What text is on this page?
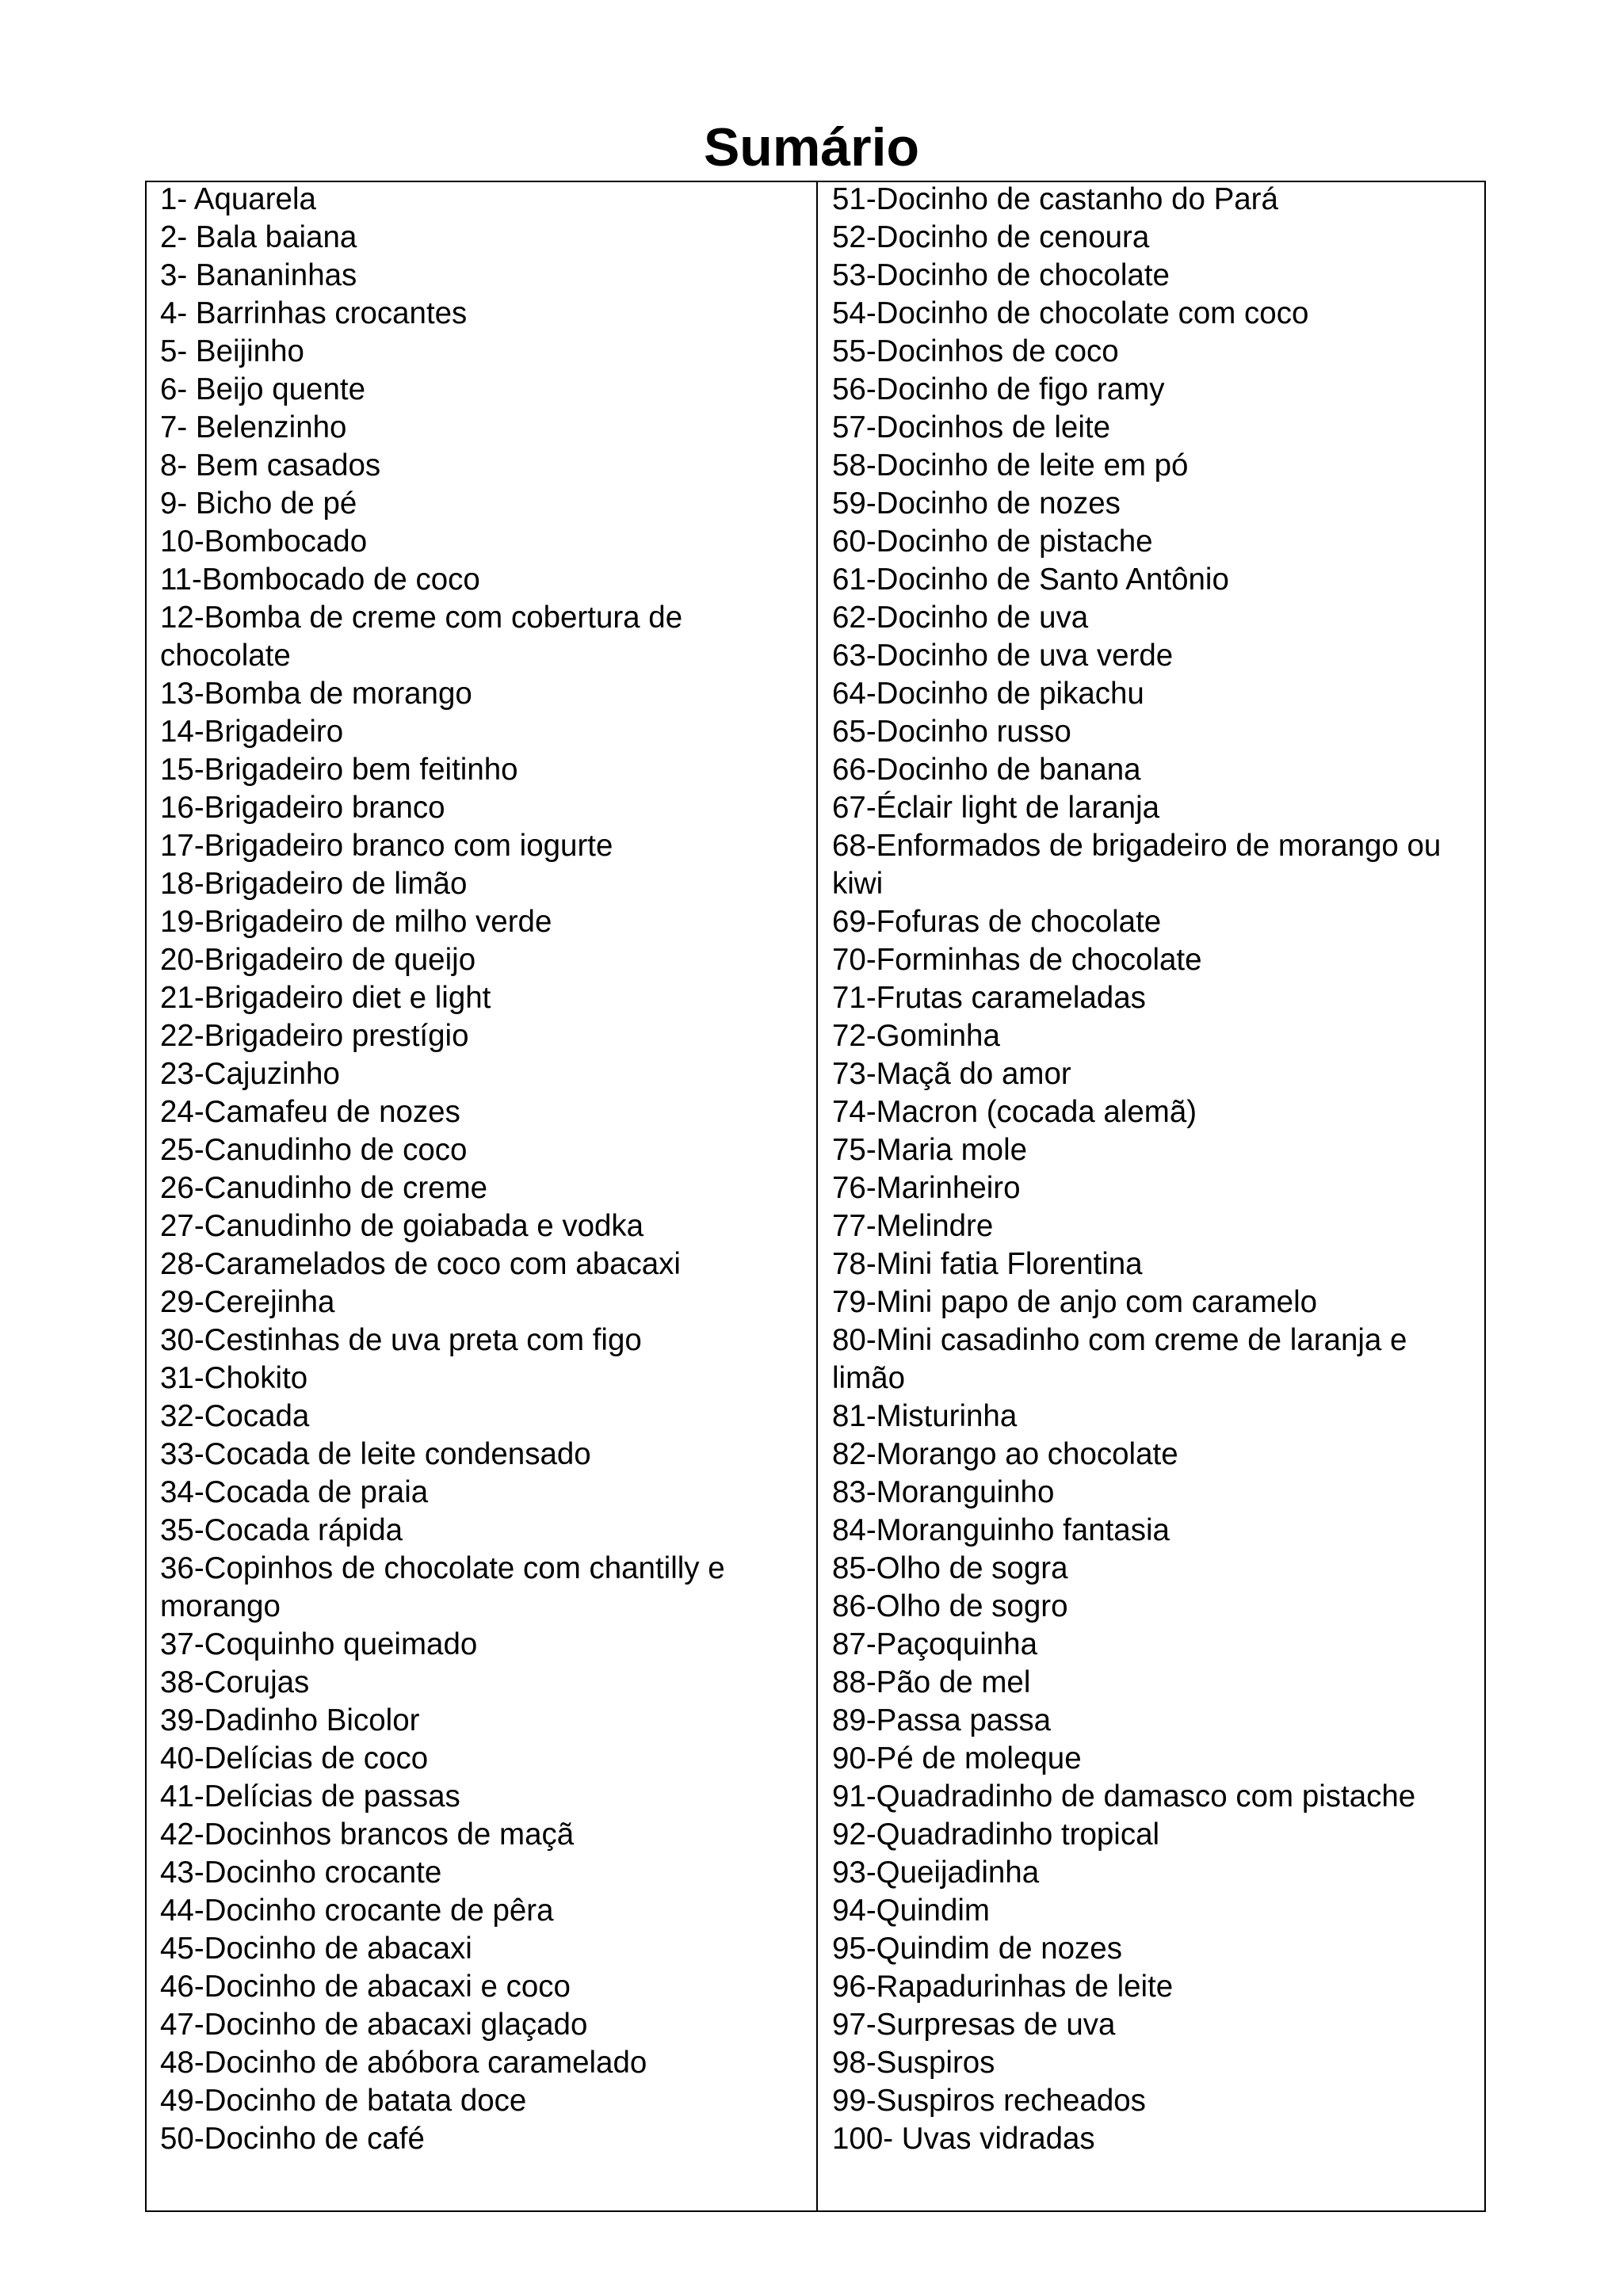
Sumário
1- Aquarela
2- Bala baiana
3- Bananinhas
4- Barrinhas crocantes
5- Beijinho
6- Beijo quente
7- Belenzinho
8- Bem casados
9- Bicho de pé
10-Bombocado
11-Bombocado de coco
12-Bomba de creme com cobertura de chocolate
13-Bomba de morango
14-Brigadeiro
15-Brigadeiro bem feitinho
16-Brigadeiro branco
17-Brigadeiro branco com iogurte
18-Brigadeiro de limão
19-Brigadeiro de milho verde
20-Brigadeiro de queijo
21-Brigadeiro diet e light
22-Brigadeiro prestígio
23-Cajuzinho
24-Camafeu de nozes
25-Canudinho de coco
26-Canudinho de creme
27-Canudinho de goiabada e vodka
28-Caramelados de coco com abacaxi
29-Cerejinha
30-Cestinhas de uva preta com figo
31-Chokito
32-Cocada
33-Cocada de leite condensado
34-Cocada de praia
35-Cocada rápida
36-Copinhos de chocolate com chantilly e morango
37-Coquinho queimado
38-Corujas
39-Dadinho Bicolor
40-Delícias de coco
41-Delícias de passas
42-Docinhos brancos de maçã
43-Docinho crocante
44-Docinho crocante de pêra
45-Docinho de abacaxi
46-Docinho de abacaxi e coco
47-Docinho de abacaxi glaçado
48-Docinho de abóbora caramelado
49-Docinho de batata doce
50-Docinho de café
51-Docinho de castanho do Pará
52-Docinho de cenoura
53-Docinho de chocolate
54-Docinho de chocolate com coco
55-Docinhos de coco
56-Docinho de figo ramy
57-Docinhos de leite
58-Docinho de leite em pó
59-Docinho de nozes
60-Docinho de pistache
61-Docinho de Santo Antônio
62-Docinho de uva
63-Docinho de uva verde
64-Docinho de pikachu
65-Docinho russo
66-Docinho de banana
67-Éclair light de laranja
68-Enformados de brigadeiro de morango ou kiwi
69-Fofuras de chocolate
70-Forminhas de chocolate
71-Frutas carameladas
72-Gominha
73-Maçã do amor
74-Macron (cocada alemã)
75-Maria mole
76-Marinheiro
77-Melindre
78-Mini fatia Florentina
79-Mini papo de anjo com caramelo
80-Mini casadinho com creme de laranja e limão
81-Misturinha
82-Morango ao chocolate
83-Moranguinho
84-Moranguinho fantasia
85-Olho de sogra
86-Olho de sogro
87-Paçoquinha
88-Pão de mel
89-Passa passa
90-Pé de moleque
91-Quadradinho de damasco com pistache
92-Quadradinho tropical
93-Queijadinha
94-Quindim
95-Quindim de nozes
96-Rapadurinhas de leite
97-Surpresas de uva
98-Suspiros
99-Suspiros recheados
100- Uvas vidradas
